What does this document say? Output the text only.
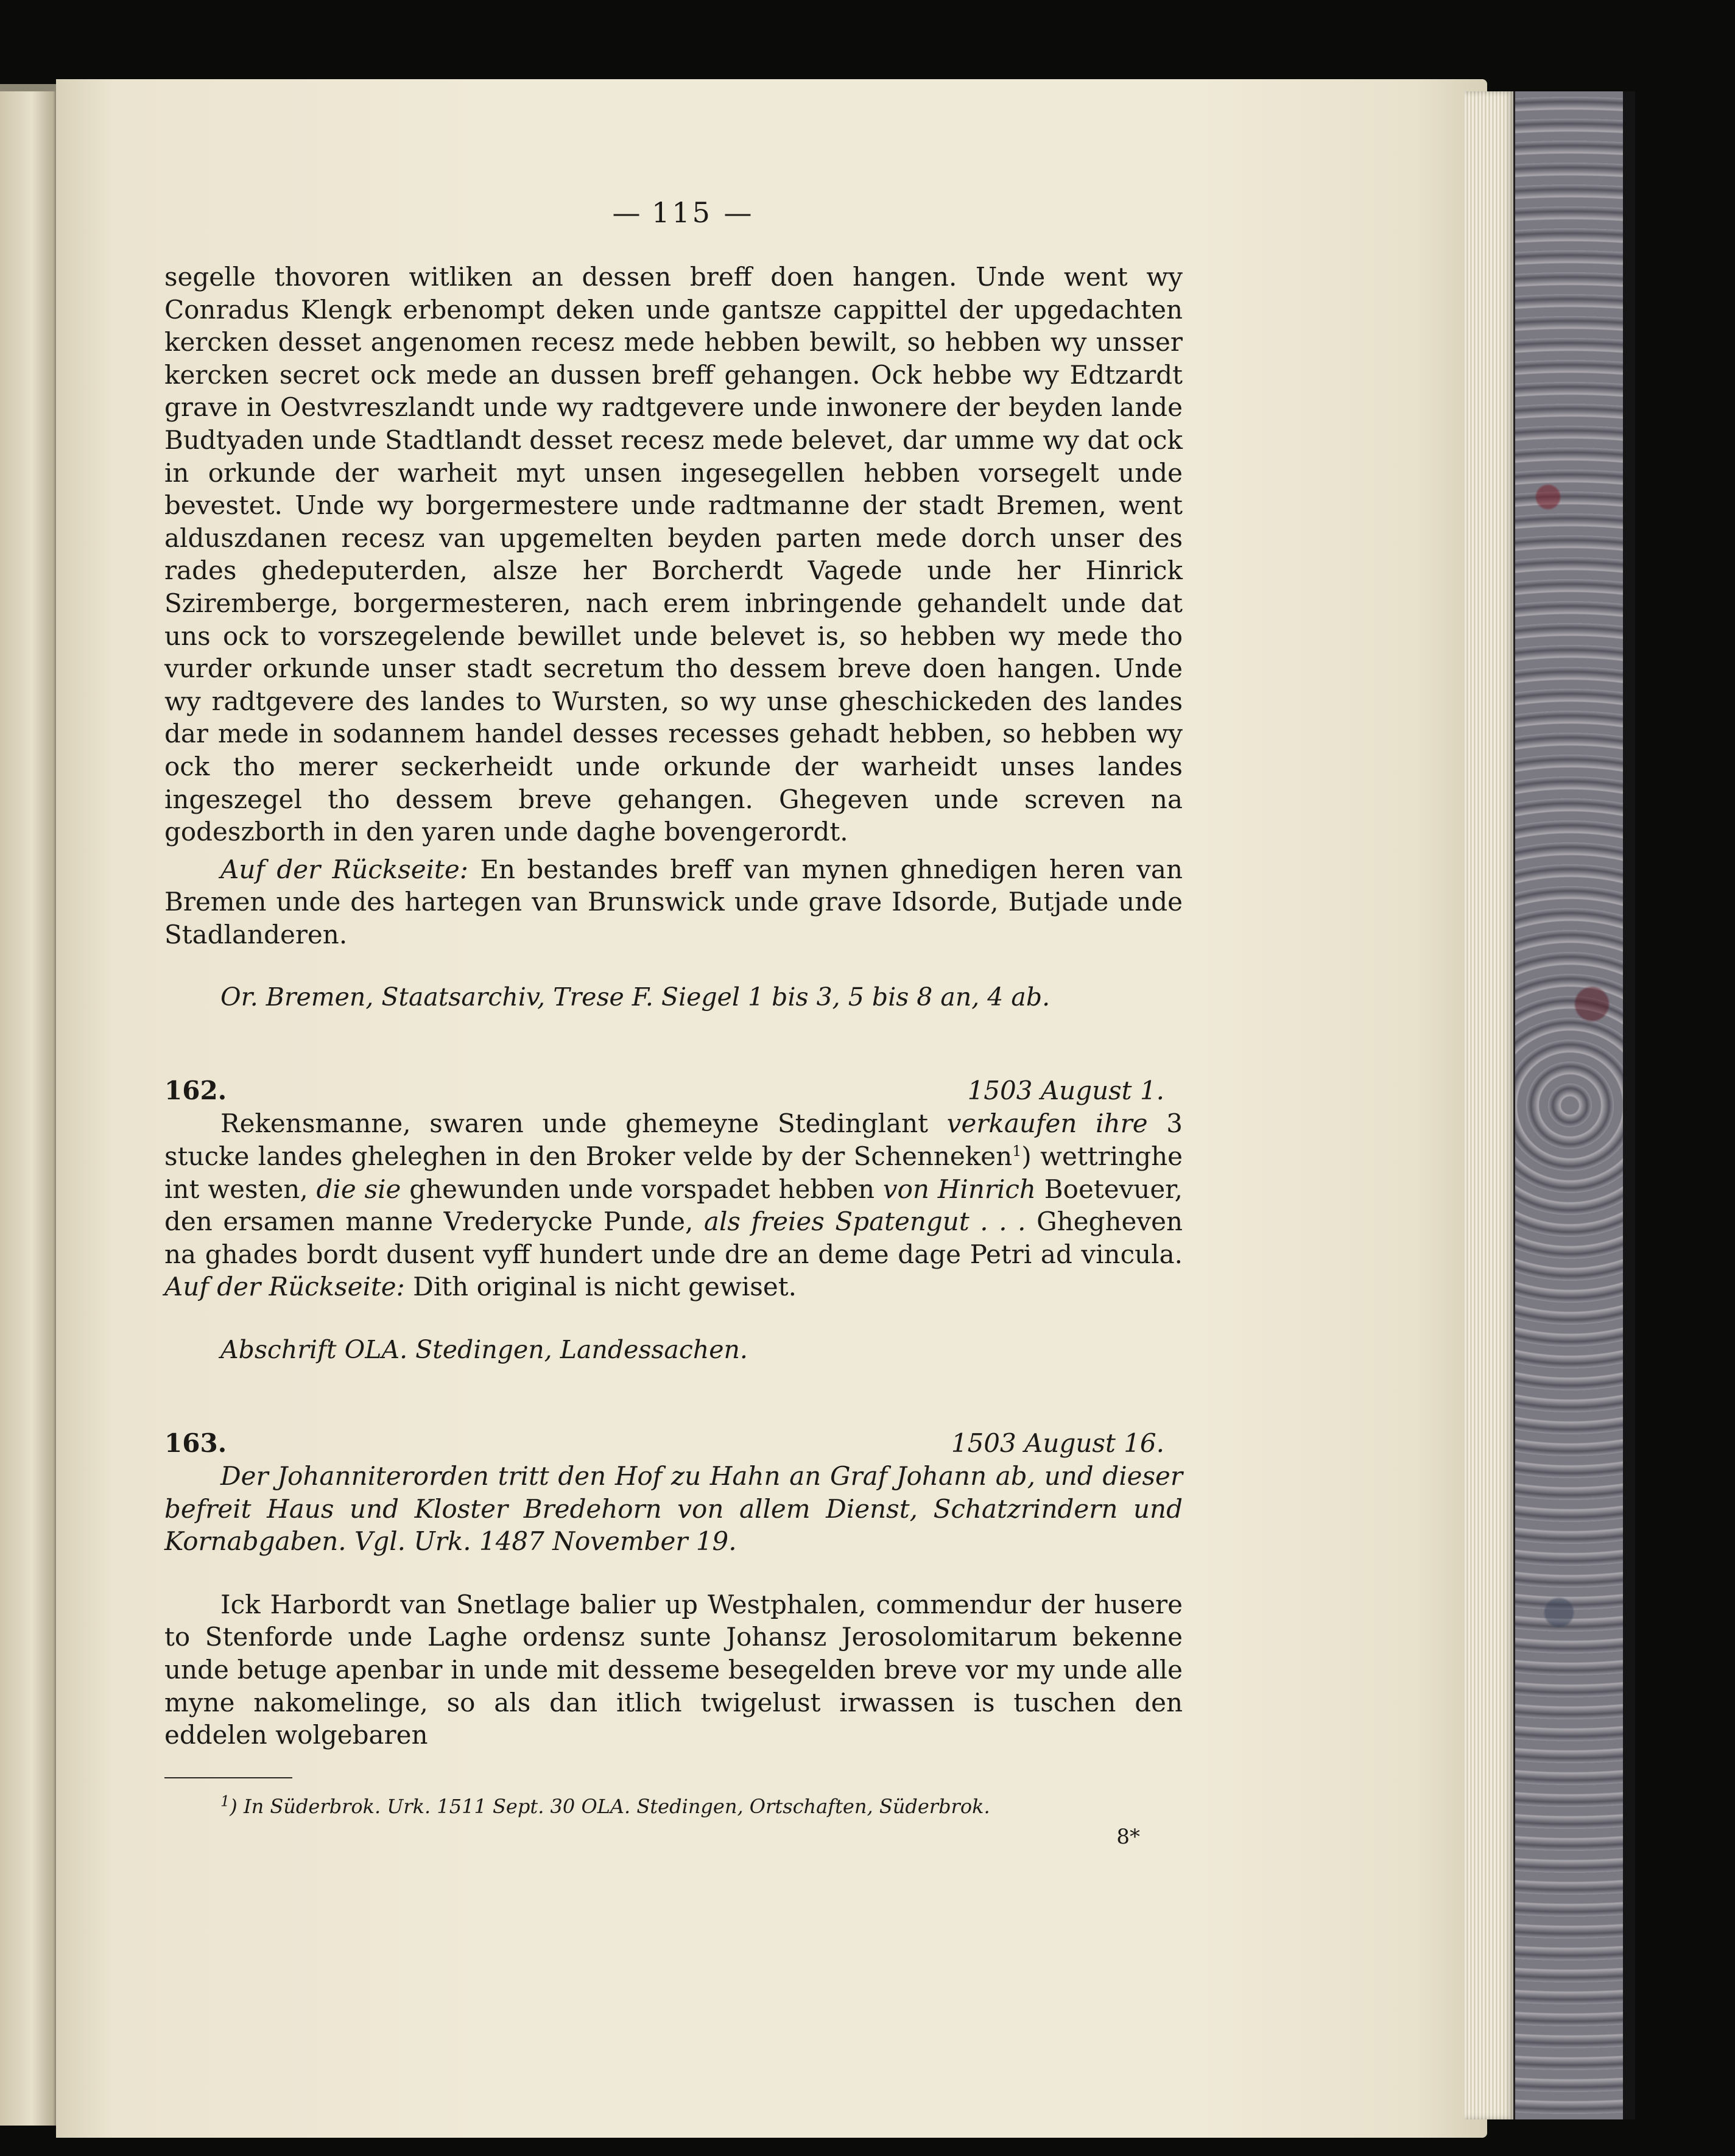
— 115 —

segelle thovoren witliken an dessen breff doen hangen. Unde went wy Conradus Klengk erbenompt deken unde gantsze cappittel der upgedachten kercken desset angenomen recesz mede hebben bewilt, so hebben wy unsser kercken secret ock mede an dussen breff gehangen. Ock hebbe wy Edtzardt grave in Oestvreszlandt unde wy radtgevere unde inwonere der beyden lande Budtyaden unde Stadtlandt desset recesz mede belevet, dar umme wy dat ock in orkunde der warheit myt unsen ingesegellen hebben vorsegelt unde bevestet. Unde wy borgermestere unde radtmanne der stadt Bremen, went alduszdanen recesz van upgemelten beyden parten mede dorch unser des rades ghedeputerden, alsze her Borcherdt Vagede unde her Hinrick Sziremberge, borgermesteren, nach erem inbringende gehandelt unde dat uns ock to vorszegelende bewillet unde belevet is, so hebben wy mede tho vurder orkunde unser stadt secretum tho dessem breve doen hangen. Unde wy radtgevere des landes to Wursten, so wy unse gheschickeden des landes dar mede in sodannem handel desses recesses gehadt hebben, so hebben wy ock tho merer seckerheidt unde orkunde der warheidt unses landes ingeszegel tho dessem breve gehangen. Ghegeven unde screven na godeszborth in den yaren unde daghe bovengerordt.

Auf der Rückseite: En bestandes breff van mynen ghnedigen heren van Bremen unde des hartegen van Brunswick unde grave Idsorde, Butjade unde Stadlanderen.

Or. Bremen, Staatsarchiv, Trese F. Siegel 1 bis 3, 5 bis 8 an, 4 ab.
162.	1503 August 1.

Rekensmanne, swaren unde ghemeyne Stedinglant verkaufen ihre 3 stucke landes gheleghen in den Broker velde by der Schenneken$^1$) wettringhe int westen, die sie ghewunden unde vorspadet hebben von Hinrich Boetevuer, den ersamen manne Vrederycke Punde, als freies Spatengut . . . Ghegheven na ghades bordt dusent vyff hundert unde dre an deme dage Petri ad vincula. Auf der Rückseite: Dith original is nicht gewiset.

Abschrift OLA. Stedingen, Landessachen.
163.	1503 August 16.

Der Johanniterorden tritt den Hof zu Hahn an Graf Johann ab, und dieser befreit Haus und Kloster Bredehorn von allem Dienst, Schatzrindern und Kornabgaben. Vgl. Urk. 1487 November 19.

Ick Harbordt van Snetlage balier up Westphalen, commendur der husere to Stenforde unde Laghe ordensz sunte Johansz Jerosolomitarum bekenne unde betuge apenbar in unde mit desseme besegelden breve vor my unde alle myne nakomelinge, so als dan itlich twigelust irwassen is tuschen den eddelen wolgebaren

$^1$) In Süderbrok. Urk. 1511 Sept. 30 OLA. Stedingen, Ortschaften, Süderbrok.
8*
